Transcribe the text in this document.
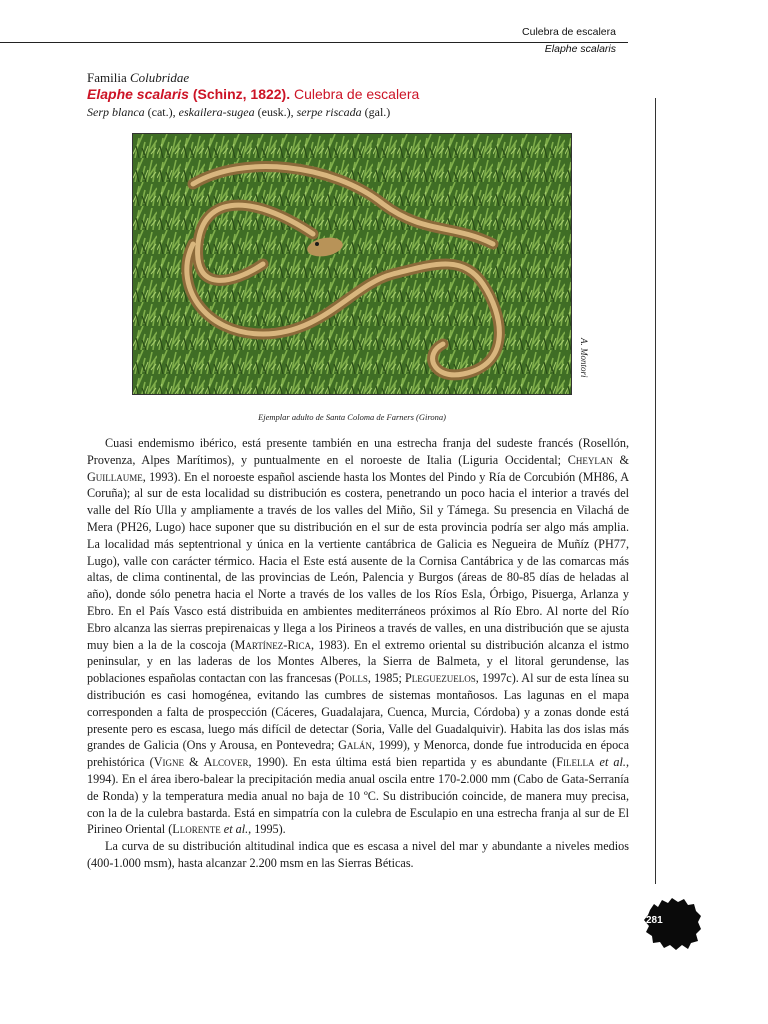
Culebra de escalera
Elaphe scalaris
Familia Colubridae
Elaphe scalaris (Schinz, 1822). Culebra de escalera
Serp blanca (cat.), eskailera-sugea (eusk.), serpe riscada (gal.)
A. Montori
Ejemplar adulto de Santa Coloma de Farners (Girona)

Cuasi endemismo ibérico, está presente también en una estrecha franja del sudeste francés (Rosellón, Provenza, Alpes Marítimos), y puntualmente en el noroeste de Italia (Liguria Occidental; Cheylan & Guillaume, 1993). En el noroeste español asciende hasta los Montes del Pindo y Ría de Corcubión (MH86, A Coruña); al sur de esta localidad su distribución es costera, penetrando un poco hacia el interior a través del valle del Río Ulla y ampliamente a través de los valles del Miño, Sil y Támega. Su presencia en Vilachá de Mera (PH26, Lugo) hace suponer que su distribución en el sur de esta provincia podría ser algo más amplia. La localidad más septentrional y única en la vertiente cantábrica de Galicia es Negueira de Muñíz (PH77, Lugo), valle con carácter térmico. Hacia el Este está ausente de la Cornisa Cantábrica y de las comarcas más altas, de clima continental, de las provincias de León, Palencia y Burgos (áreas de 80-85 días de heladas al año), donde sólo penetra hacia el Norte a través de los valles de los Ríos Esla, Órbigo, Pisuerga, Arlanza y Ebro. En el País Vasco está distribuida en ambientes mediterráneos próximos al Río Ebro. Al norte del Río Ebro alcanza las sierras prepirenaicas y llega a los Pirineos a través de valles, en una distribución que se ajusta muy bien a la de la coscoja (Martínez-Rica, 1983). En el extremo oriental su distribución alcanza el istmo peninsular, y en las laderas de los Montes Alberes, la Sierra de Balmeta, y el litoral gerundense, las poblaciones españolas contactan con las francesas (Polls, 1985; Pleguezuelos, 1997c). Al sur de esta línea su distribución es casi homogénea, evitando las cumbres de sistemas montañosos. Las lagunas en el mapa corresponden a falta de prospección (Cáceres, Guadalajara, Cuenca, Murcia, Córdoba) y a zonas donde está presente pero es escasa, luego más difícil de detectar (Soria, Valle del Guadalquivir). Habita las dos islas más grandes de Galicia (Ons y Arousa, en Pontevedra; Galán, 1999), y Menorca, donde fue introducida en época prehistórica (Vigne & Alcover, 1990). En esta última está bien repartida y es abundante (Filella et al., 1994). En el área ibero-balear la precipitación media anual oscila entre 170-2.000 mm (Cabo de Gata-Serranía de Ronda) y la temperatura media anual no baja de 10 ºC. Su distribución coincide, de manera muy precisa, con la de la culebra bastarda. Está en simpatría con la culebra de Esculapio en una estrecha franja al sur de El Pirineo Oriental (Llorente et al., 1995).

La curva de su distribución altitudinal indica que es escasa a nivel del mar y abundante a niveles medios (400-1.000 msm), hasta alcanzar 2.200 msm en las Sierras Béticas.

281
